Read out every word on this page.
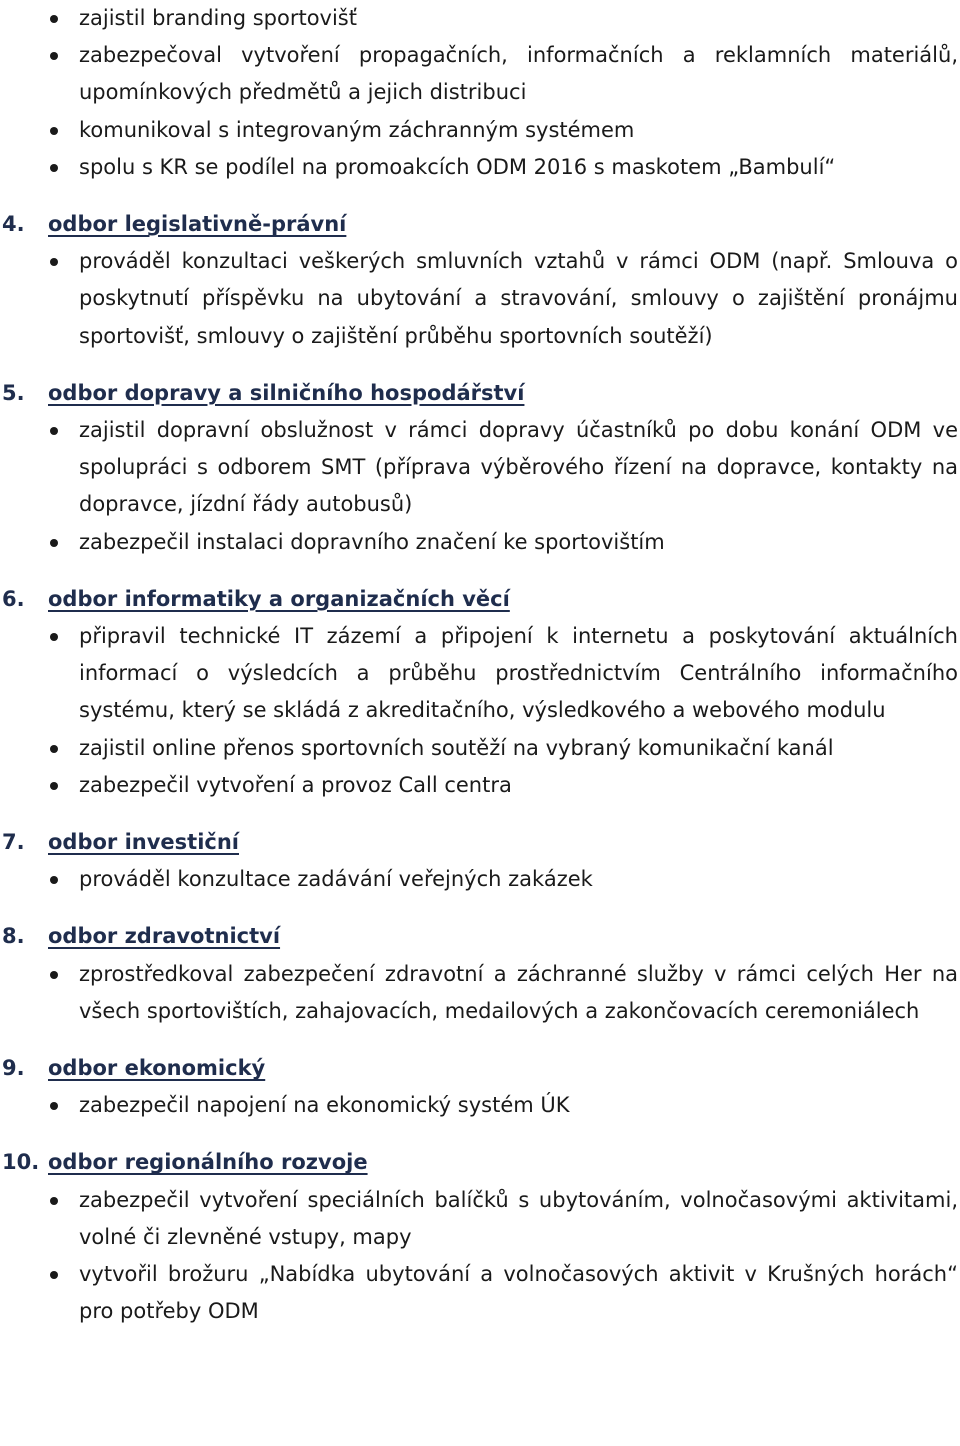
zajistil branding sportovišť
zabezpečoval vytvoření propagačních, informačních a reklamních materiálů, upomínkových předmětů a jejich distribuci
komunikoval s integrovaným záchranným systémem
spolu s KR se podílel na promoakcích ODM 2016 s maskotem „Bambulí“
4.	odbor legislativně-právní
prováděl konzultaci veškerých smluvních vztahů v rámci ODM (např. Smlouva o poskytnutí příspěvku na ubytování a stravování, smlouvy o zajištění pronájmu sportovišť, smlouvy o zajištění průběhu sportovních soutěží)
5.	odbor dopravy a silničního hospodářství
zajistil dopravní obslužnost v rámci dopravy účastníků po dobu konání ODM ve spolupráci s odborem SMT (příprava výběrového řízení na dopravce, kontakty na dopravce, jízdní řády autobusů)
zabezpečil instalaci dopravního značení ke sportovištím
6.	odbor informatiky a organizačních věcí
připravil technické IT zázemí a připojení k internetu a poskytování aktuálních informací o výsledcích a průběhu prostřednictvím Centrálního informačního systému, který se skládá z akreditačního, výsledkového a webového modulu
zajistil online přenos sportovních soutěží na vybraný komunikační kanál
zabezpečil vytvoření a provoz Call centra
7.	odbor investiční
prováděl konzultace zadávání veřejných zakázek
8.	odbor zdravotnictví
zprostředkoval zabezpečení zdravotní a záchranné služby v rámci celých Her na všech sportovištích, zahajovacích, medailových a zakončovacích ceremoniálech
9.	odbor ekonomický
zabezpečil napojení na ekonomický systém ÚK
10. odbor regionálního rozvoje
zabezpečil vytvoření speciálních balíčků s ubytováním, volnočasovými aktivitami, volné či zlevněné vstupy, mapy
vytvořil brožuru „Nabídka ubytování a volnočasových aktivit v Krušných horách“ pro potřeby ODM
